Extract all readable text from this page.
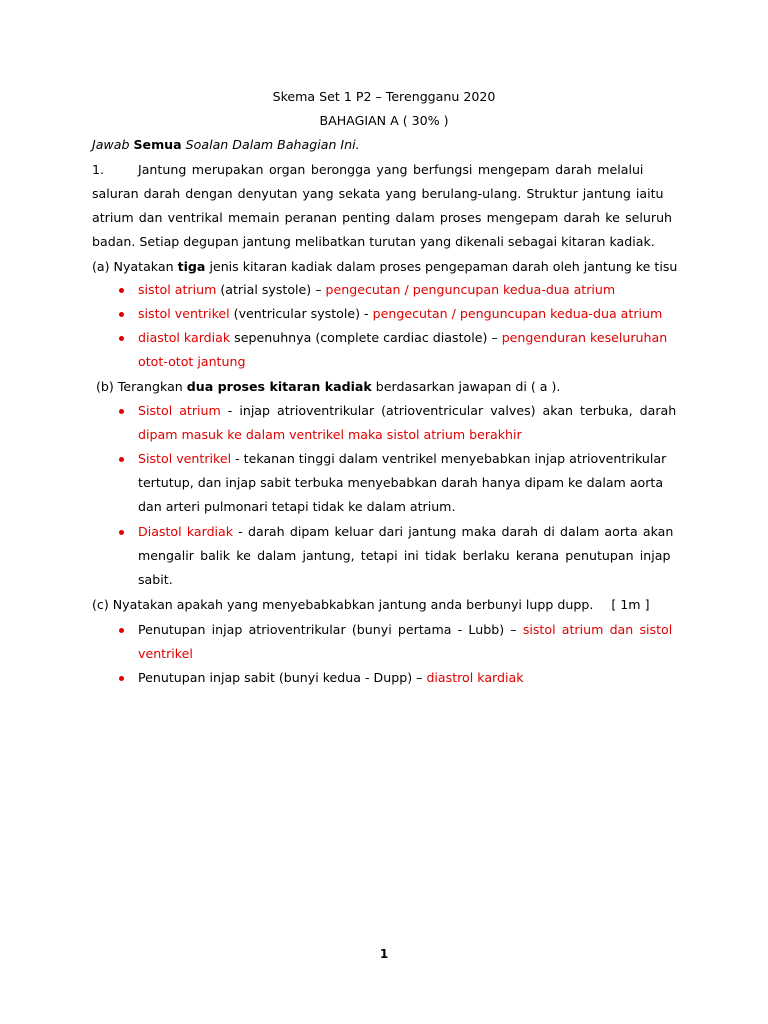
Skema Set 1 P2 – Terengganu 2020
BAHAGIAN A ( 30% )
Jawab Semua Soalan Dalam Bahagian Ini.
1.	Jantung merupakan organ berongga yang berfungsi mengepam darah melalui
saluran darah dengan denyutan yang sekata yang berulang-ulang. Struktur jantung iaitu
atrium dan ventrikal memain peranan penting dalam proses mengepam darah ke seluruh
badan. Setiap degupan jantung melibatkan turutan yang dikenali sebagai kitaran kadiak.
(a) Nyatakan tiga jenis kitaran kadiak dalam proses pengepaman darah oleh jantung ke tisu
sistol atrium (atrial systole) – pengecutan / penguncupan kedua-dua atrium
sistol ventrikel (ventricular systole) - pengecutan / penguncupan kedua-dua atrium
diastol kardiak sepenuhnya (complete cardiac diastole) – pengenduran keseluruhan
otot-otot jantung
(b) Terangkan dua proses kitaran kadiak berdasarkan jawapan di ( a ).
Sistol atrium - injap atrioventrikular (atrioventricular valves) akan terbuka, darah
dipam masuk ke dalam ventrikel maka sistol atrium berakhir
Sistol ventrikel - tekanan tinggi dalam ventrikel menyebabkan injap atrioventrikular
tertutup, dan injap sabit terbuka menyebabkan darah hanya dipam ke dalam aorta
dan arteri pulmonari tetapi tidak ke dalam atrium.
Diastol kardiak - darah dipam keluar dari jantung maka darah di dalam aorta akan
mengalir balik ke dalam jantung, tetapi ini tidak berlaku kerana penutupan injap
sabit.
(c) Nyatakan apakah yang menyebabkabkan jantung anda berbunyi lupp dupp. [ 1m ]
Penutupan injap atrioventrikular (bunyi pertama - Lubb) – sistol atrium dan sistol
ventrikel
Penutupan injap sabit (bunyi kedua - Dupp) – diastrol kardiak
1
